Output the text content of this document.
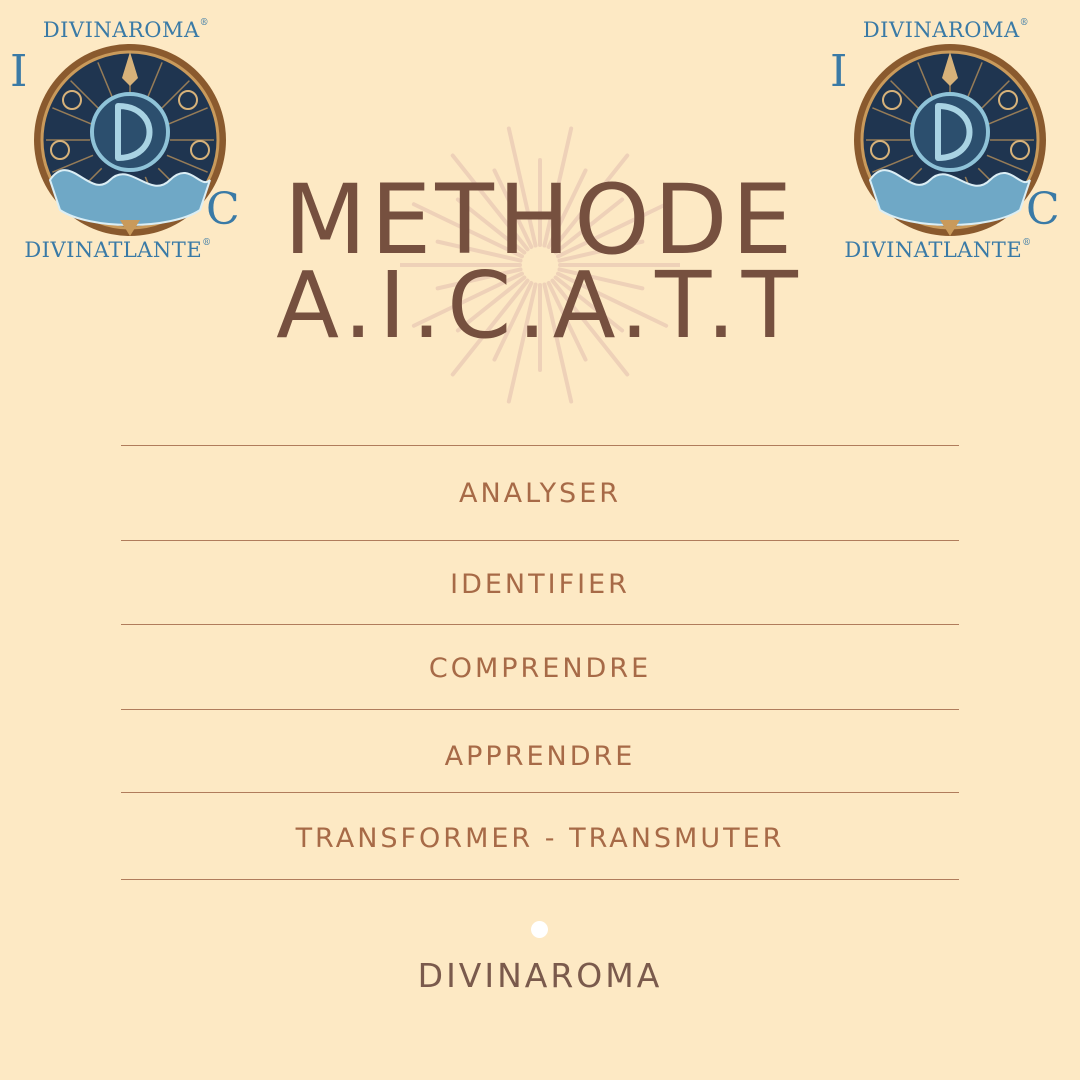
DIVINAROMA®
I
C
DIVINATLANTE®
DIVINAROMA®
I
C
DIVINATLANTE®
METHODE
A.I.C.A.T.T
ANALYSER
IDENTIFIER
COMPRENDRE
APPRENDRE
TRANSFORMER - TRANSMUTER
DIVINAROMA
